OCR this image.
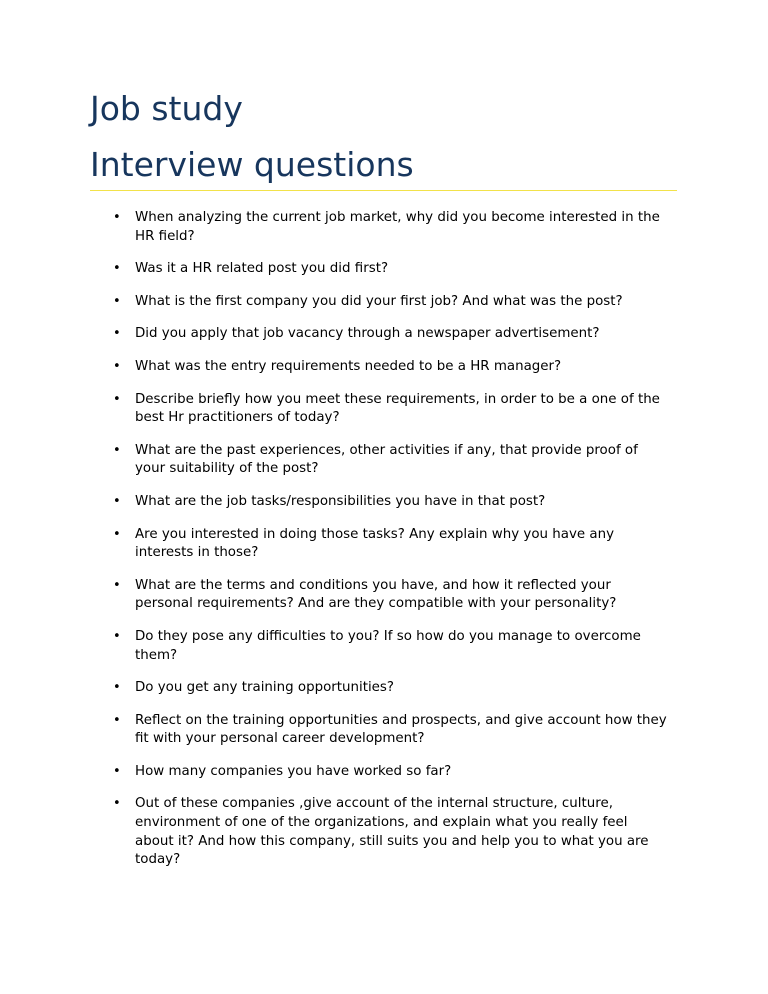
Job study
Interview questions
• When analyzing the current job market, why did you become interested in the HR field?
• Was it a HR related post you did first?
• What is the first company you did your first job? And what was the post?
• Did you apply that job vacancy through a newspaper advertisement?
• What was the entry requirements needed to be a HR manager?
• Describe briefly how you meet these requirements, in order to be a one of the best Hr practitioners of today?
• What are the past experiences, other activities if any, that provide proof of your suitability of the post?
• What are the job tasks/responsibilities you have in that post?
• Are you interested in doing those tasks? Any explain why you have any interests in those?
• What are the terms and conditions you have, and how it reflected your personal requirements? And are they compatible with your personality?
• Do they pose any difficulties to you? If so how do you manage to overcome them?
• Do you get any training opportunities?
• Reflect on the training opportunities and prospects, and give account how they fit with your personal career development?
• How many companies you have worked so far?
• Out of these companies ,give account of the internal structure, culture, environment of one of the organizations, and explain what you really feel about it? And how this company, still suits you and help you to what you are today?
